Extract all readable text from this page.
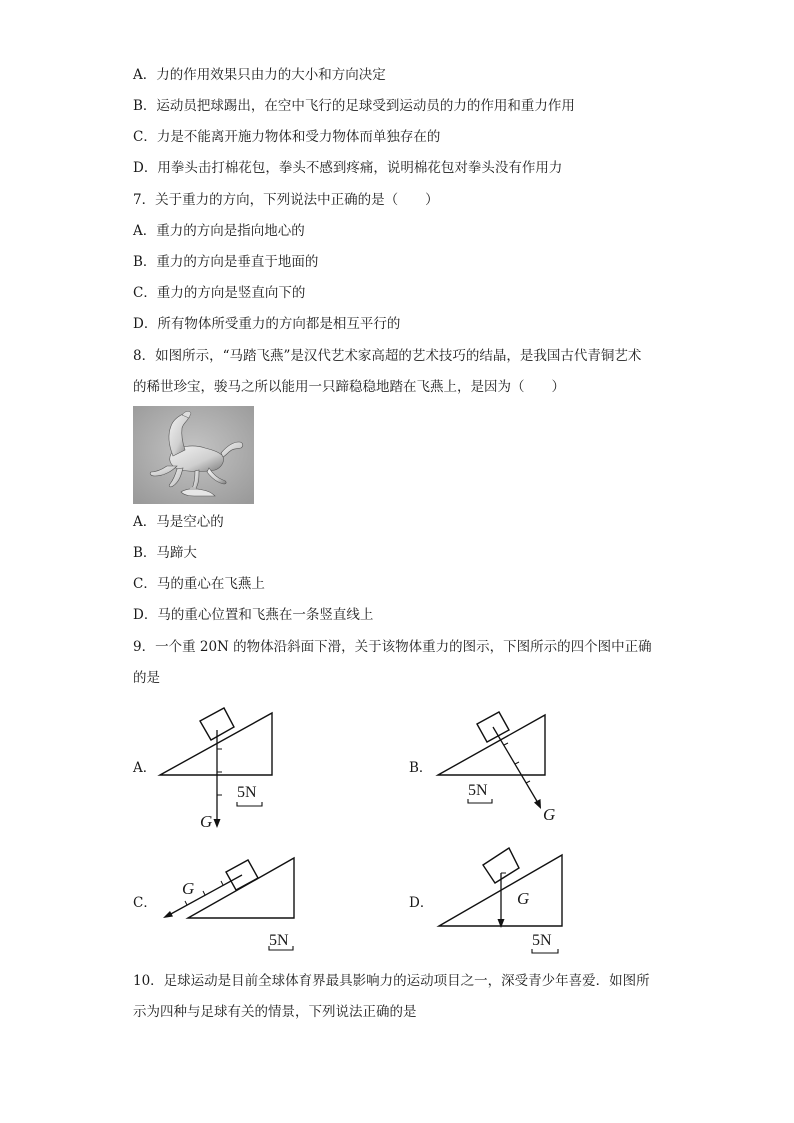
A．力的作用效果只由力的大小和方向决定
B．运动员把球踢出，在空中飞行的足球受到运动员的力的作用和重力作用
C．力是不能离开施力物体和受力物体而单独存在的
D．用拳头击打棉花包，拳头不感到疼痛，说明棉花包对拳头没有作用力
7．关于重力的方向，下列说法中正确的是（　　）
A．重力的方向是指向地心的
B．重力的方向是垂直于地面的
C．重力的方向是竖直向下的
D．所有物体所受重力的方向都是相互平行的
8．如图所示，“马踏飞燕”是汉代艺术家高超的艺术技巧的结晶，是我国古代青铜艺术
的稀世珍宝，骏马之所以能用一只蹄稳稳地踏在飞燕上，是因为（　　）
A．马是空心的
B．马蹄大
C．马的重心在飞燕上
D．马的重心位置和飞燕在一条竖直线上
9．一个重 20N 的物体沿斜面下滑，关于该物体重力的图示，下图所示的四个图中正确
的是
A．
G
5N
B．
G
5N
C．
G
5N
D．	G
5N
10．足球运动是目前全球体育界最具影响力的运动项目之一，深受青少年喜爱．如图所
示为四种与足球有关的情景，下列说法正确的是
